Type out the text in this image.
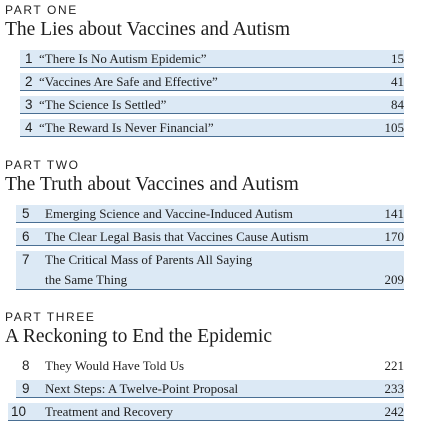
PART ONE
The Lies about Vaccines and Autism
1 “There Is No Autism Epidemic”	15
2 “Vaccines Are Safe and Effective”	41
3 “The Science Is Settled”	84
4 “The Reward Is Never Financial”	105
PART TWO
The Truth about Vaccines and Autism
5 Emerging Science and Vaccine-Induced Autism	141
6 The Clear Legal Basis that Vaccines Cause Autism	170
7 The Critical Mass of Parents All Saying
the Same Thing	209
PART THREE
A Reckoning to End the Epidemic
8 They Would Have Told Us	221
9 Next Steps: A Twelve-Point Proposal	233
10 Treatment and Recovery	242
